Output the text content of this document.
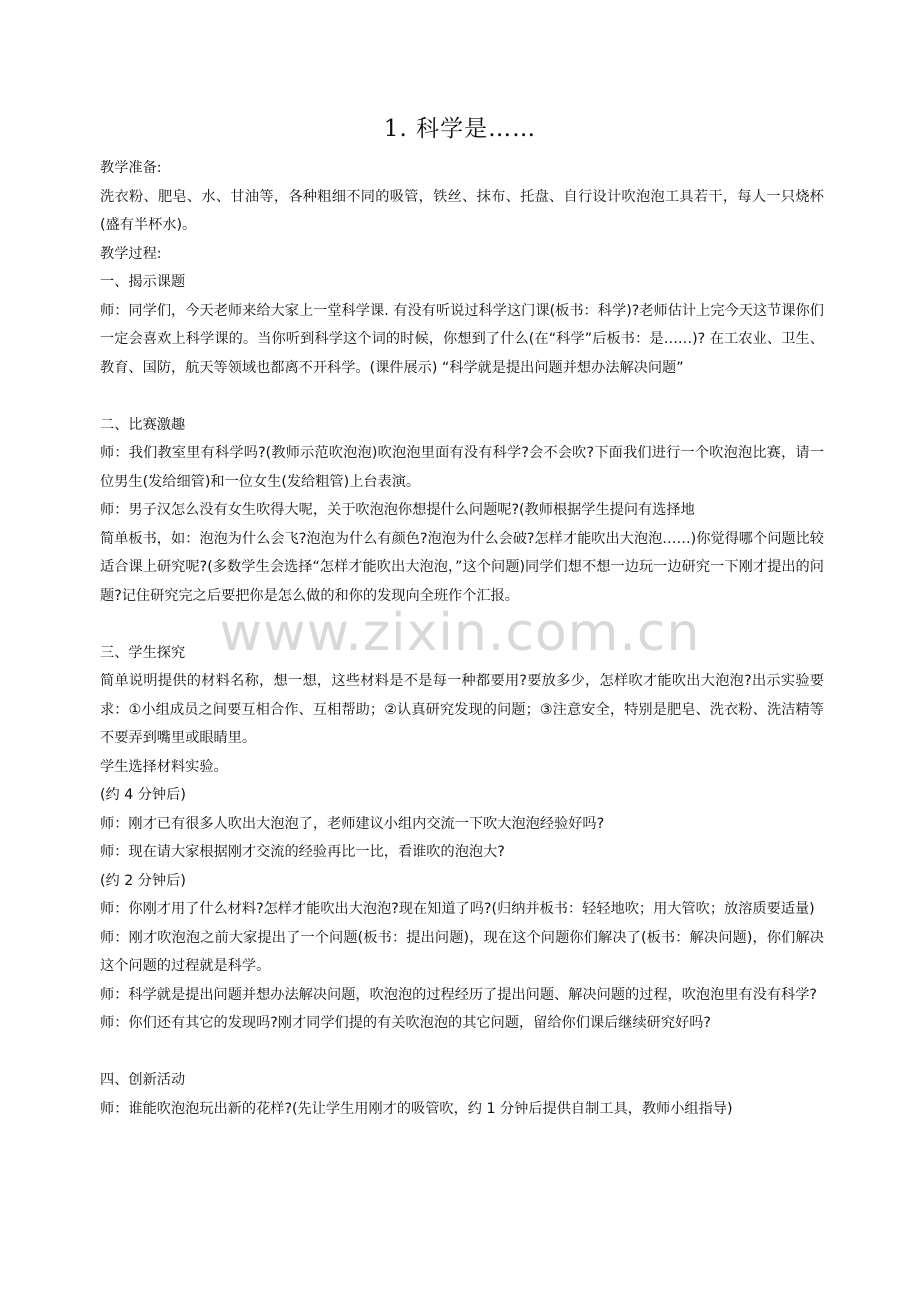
1. 科学是……

教学准备:

洗衣粉、肥皂、水、甘油等，各种粗细不同的吸管，铁丝、抹布、托盘、自行设计吹泡泡工具若干，每人一只烧杯(盛有半杯水)。

教学过程:

一、揭示课题

师：同学们，今天老师来给大家上一堂科学课. 有没有听说过科学这门课(板书：科学)?老师估计上完今天这节课你们一定会喜欢上科学课的。当你听到科学这个词的时候，你想到了什么(在“科学”后板书：是……)? 在工农业、卫生、教育、国防，航天等领域也都离不开科学。(课件展示) “科学就是提出问题并想办法解决问题”

二、比赛激趣

师：我们教室里有科学吗?(教师示范吹泡泡)吹泡泡里面有没有科学?会不会吹?下面我们进行一个吹泡泡比赛，请一位男生(发给细管)和一位女生(发给粗管)上台表演。

师：男子汉怎么没有女生吹得大呢，关于吹泡泡你想提什么问题呢?(教师根据学生提问有选择地

简单板书，如：泡泡为什么会飞?泡泡为什么有颜色?泡泡为什么会破?怎样才能吹出大泡泡……)你觉得哪个问题比较适合课上研究呢?(多数学生会选择“怎样才能吹出大泡泡，”这个问题)同学们想不想一边玩一边研究一下刚才提出的问题?记住研究完之后要把你是怎么做的和你的发现向全班作个汇报。

三、学生探究

简单说明提供的材料名称，想一想，这些材料是不是每一种都要用?要放多少，怎样吹才能吹出大泡泡?出示实验要求：①小组成员之间要互相合作、互相帮助；②认真研究发现的问题；③注意安全，特别是肥皂、洗衣粉、洗洁精等不要弄到嘴里或眼睛里。

学生选择材料实验。

(约 4 分钟后)

师：刚才已有很多人吹出大泡泡了，老师建议小组内交流一下吹大泡泡经验好吗?

师：现在请大家根据刚才交流的经验再比一比，看谁吹的泡泡大?

(约 2 分钟后)

师：你刚才用了什么材料?怎样才能吹出大泡泡?现在知道了吗?(归纳并板书：轻轻地吹；用大管吹；放溶质要适量)

师：刚才吹泡泡之前大家提出了一个问题(板书：提出问题)，现在这个问题你们解决了(板书：解决问题)，你们解决这个问题的过程就是科学。

师：科学就是提出问题并想办法解决问题，吹泡泡的过程经历了提出问题、解决问题的过程，吹泡泡里有没有科学?

师：你们还有其它的发现吗?刚才同学们提的有关吹泡泡的其它问题，留给你们课后继续研究好吗?

四、创新活动

师：谁能吹泡泡玩出新的花样?(先让学生用刚才的吸管吹，约 1 分钟后提供自制工具，教师小组指导)

www.zixin.com.cn
